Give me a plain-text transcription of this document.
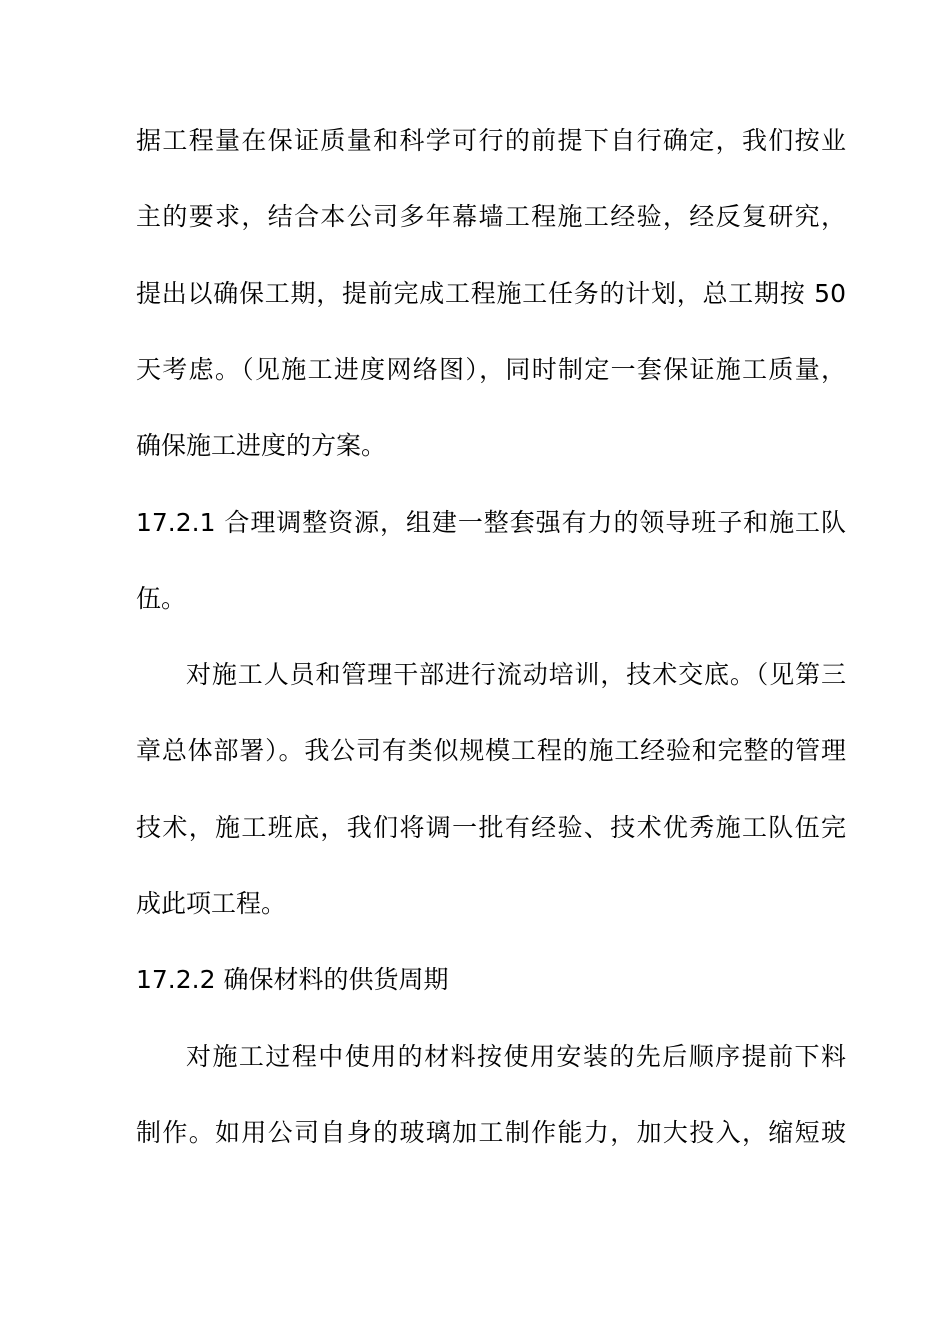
据工程量在保证质量和科学可行的前提下自行确定，我们按业
主的要求，结合本公司多年幕墙工程施工经验，经反复研究，
提出以确保工期，提前完成工程施工任务的计划，总工期按 50
天考虑。（见施工进度网络图），同时制定一套保证施工质量，
确保施工进度的方案。
17.2.1 合理调整资源，组建一整套强有力的领导班子和施工队
伍。
对施工人员和管理干部进行流动培训，技术交底。（见第三
章总体部署）。我公司有类似规模工程的施工经验和完整的管理
技术，施工班底，我们将调一批有经验、技术优秀施工队伍完
成此项工程。
17.2.2 确保材料的供货周期
对施工过程中使用的材料按使用安装的先后顺序提前下料
制作。如用公司自身的玻璃加工制作能力，加大投入，缩短玻
